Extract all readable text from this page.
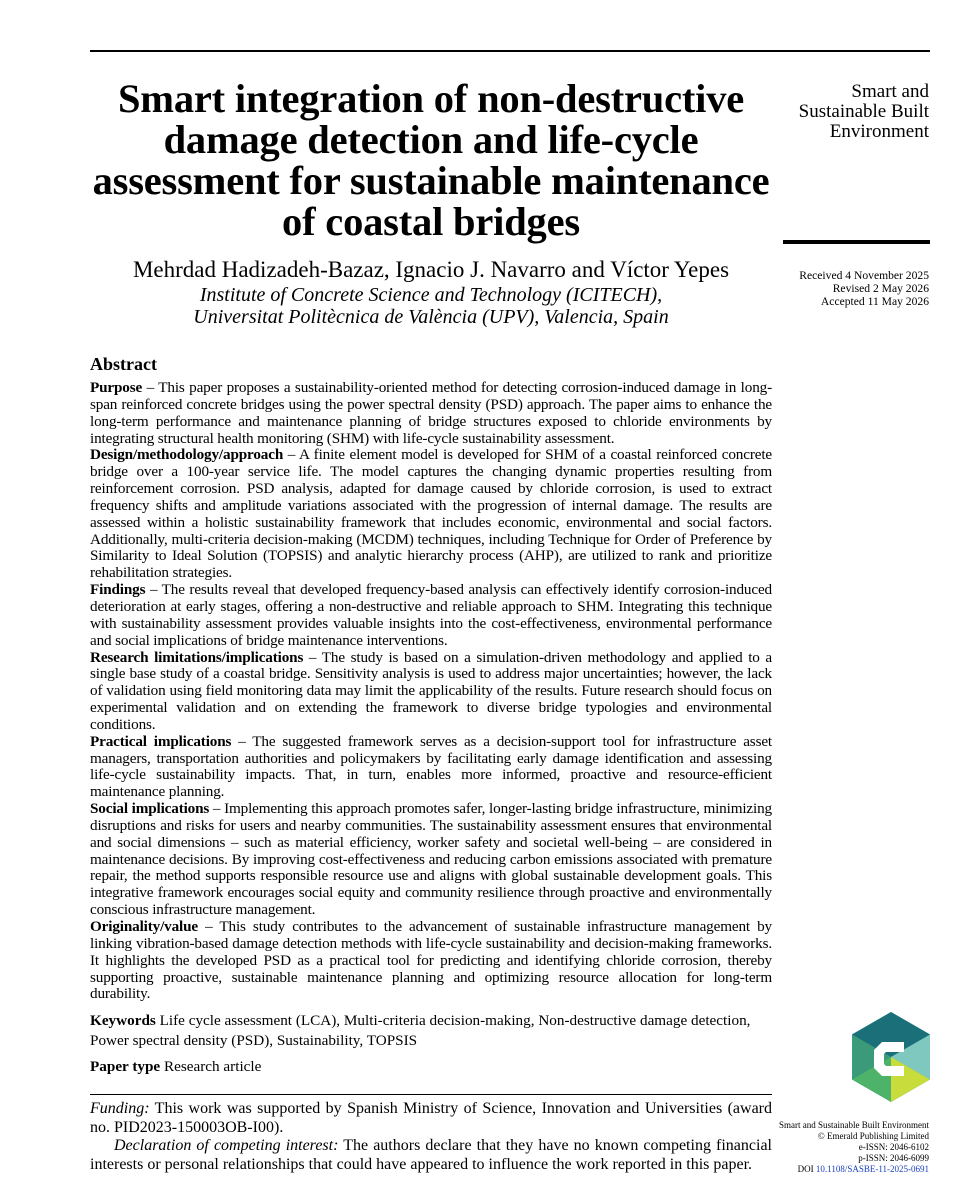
Smart integration of non-destructive damage detection and life-cycle assessment for sustainable maintenance of coastal bridges
Smart and
Sustainable Built
Environment
Mehrdad Hadizadeh-Bazaz, Ignacio J. Navarro and Víctor Yepes
Institute of Concrete Science and Technology (ICITECH),
Universitat Politècnica de València (UPV), Valencia, Spain
Received 4 November 2025
Revised 2 May 2026
Accepted 11 May 2026
Abstract

Purpose – This paper proposes a sustainability-oriented method for detecting corrosion-induced damage in long-span reinforced concrete bridges using the power spectral density (PSD) approach. The paper aims to enhance the long-term performance and maintenance planning of bridge structures exposed to chloride environments by integrating structural health monitoring (SHM) with life-cycle sustainability assessment.

Design/methodology/approach – A finite element model is developed for SHM of a coastal reinforced concrete bridge over a 100-year service life. The model captures the changing dynamic properties resulting from reinforcement corrosion. PSD analysis, adapted for damage caused by chloride corrosion, is used to extract frequency shifts and amplitude variations associated with the progression of internal damage. The results are assessed within a holistic sustainability framework that includes economic, environmental and social factors. Additionally, multi-criteria decision-making (MCDM) techniques, including Technique for Order of Preference by Similarity to Ideal Solution (TOPSIS) and analytic hierarchy process (AHP), are utilized to rank and prioritize rehabilitation strategies.

Findings – The results reveal that developed frequency-based analysis can effectively identify corrosion-induced deterioration at early stages, offering a non-destructive and reliable approach to SHM. Integrating this technique with sustainability assessment provides valuable insights into the cost-effectiveness, environmental performance and social implications of bridge maintenance interventions.

Research limitations/implications – The study is based on a simulation-driven methodology and applied to a single base study of a coastal bridge. Sensitivity analysis is used to address major uncertainties; however, the lack of validation using field monitoring data may limit the applicability of the results. Future research should focus on experimental validation and on extending the framework to diverse bridge typologies and environmental conditions.

Practical implications – The suggested framework serves as a decision-support tool for infrastructure asset managers, transportation authorities and policymakers by facilitating early damage identification and assessing life-cycle sustainability impacts. That, in turn, enables more informed, proactive and resource-efficient maintenance planning.

Social implications – Implementing this approach promotes safer, longer-lasting bridge infrastructure, minimizing disruptions and risks for users and nearby communities. The sustainability assessment ensures that environmental and social dimensions – such as material efficiency, worker safety and societal well-being – are considered in maintenance decisions. By improving cost-effectiveness and reducing carbon emissions associated with premature repair, the method supports responsible resource use and aligns with global sustainable development goals. This integrative framework encourages social equity and community resilience through proactive and environmentally conscious infrastructure management.

Originality/value – This study contributes to the advancement of sustainable infrastructure management by linking vibration-based damage detection methods with life-cycle sustainability and decision-making frameworks. It highlights the developed PSD as a practical tool for predicting and identifying chloride corrosion, thereby supporting proactive, sustainable maintenance planning and optimizing resource allocation for long-term durability.

Keywords Life cycle assessment (LCA), Multi-criteria decision-making, Non-destructive damage detection, Power spectral density (PSD), Sustainability, TOPSIS

Paper type Research article

Funding: This work was supported by Spanish Ministry of Science, Innovation and Universities (award no. PID2023-150003OB-I00).

Declaration of competing interest: The authors declare that they have no known competing financial interests or personal relationships that could have appeared to influence the work reported in this paper.

Smart and Sustainable Built Environment
© Emerald Publishing Limited
e-ISSN: 2046-6102
p-ISSN: 2046-6099
DOI 10.1108/SASBE-11-2025-0691
